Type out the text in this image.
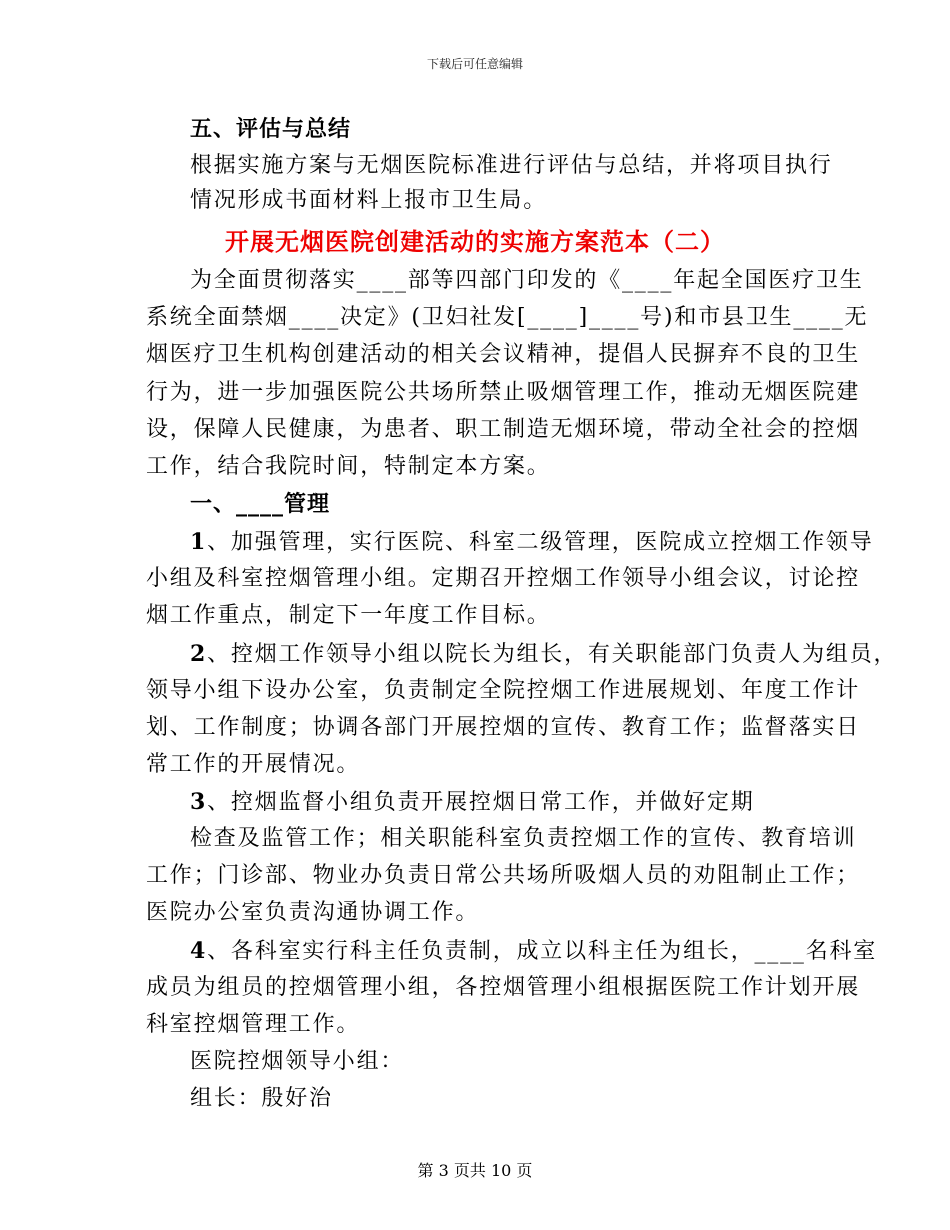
下载后可任意编辑
五、评估与总结
根据实施方案与无烟医院标准进行评估与总结，并将项目执行
情况形成书面材料上报市卫生局。
开展无烟医院创建活动的实施方案范本（二）
为全面贯彻落实____部等四部门印发的《____年起全国医疗卫生
系统全面禁烟____决定》(卫妇社发[____]____号)和市县卫生____无
烟医疗卫生机构创建活动的相关会议精神，提倡人民摒弃不良的卫生
行为，进一步加强医院公共场所禁止吸烟管理工作，推动无烟医院建
设，保障人民健康，为患者、职工制造无烟环境，带动全社会的控烟
工作，结合我院时间，特制定本方案。
一、____管理
1、加强管理，实行医院、科室二级管理，医院成立控烟工作领导
小组及科室控烟管理小组。定期召开控烟工作领导小组会议，讨论控
烟工作重点，制定下一年度工作目标。
2、控烟工作领导小组以院长为组长，有关职能部门负责人为组员，
领导小组下设办公室，负责制定全院控烟工作进展规划、年度工作计
划、工作制度；协调各部门开展控烟的宣传、教育工作；监督落实日
常工作的开展情况。
3、控烟监督小组负责开展控烟日常工作，并做好定期
检查及监管工作；相关职能科室负责控烟工作的宣传、教育培训
工作；门诊部、物业办负责日常公共场所吸烟人员的劝阻制止工作；
医院办公室负责沟通协调工作。
4、各科室实行科主任负责制，成立以科主任为组长，____名科室
成员为组员的控烟管理小组，各控烟管理小组根据医院工作计划开展
科室控烟管理工作。
医院控烟领导小组：
组长：殷好治
第 3 页共 10 页
